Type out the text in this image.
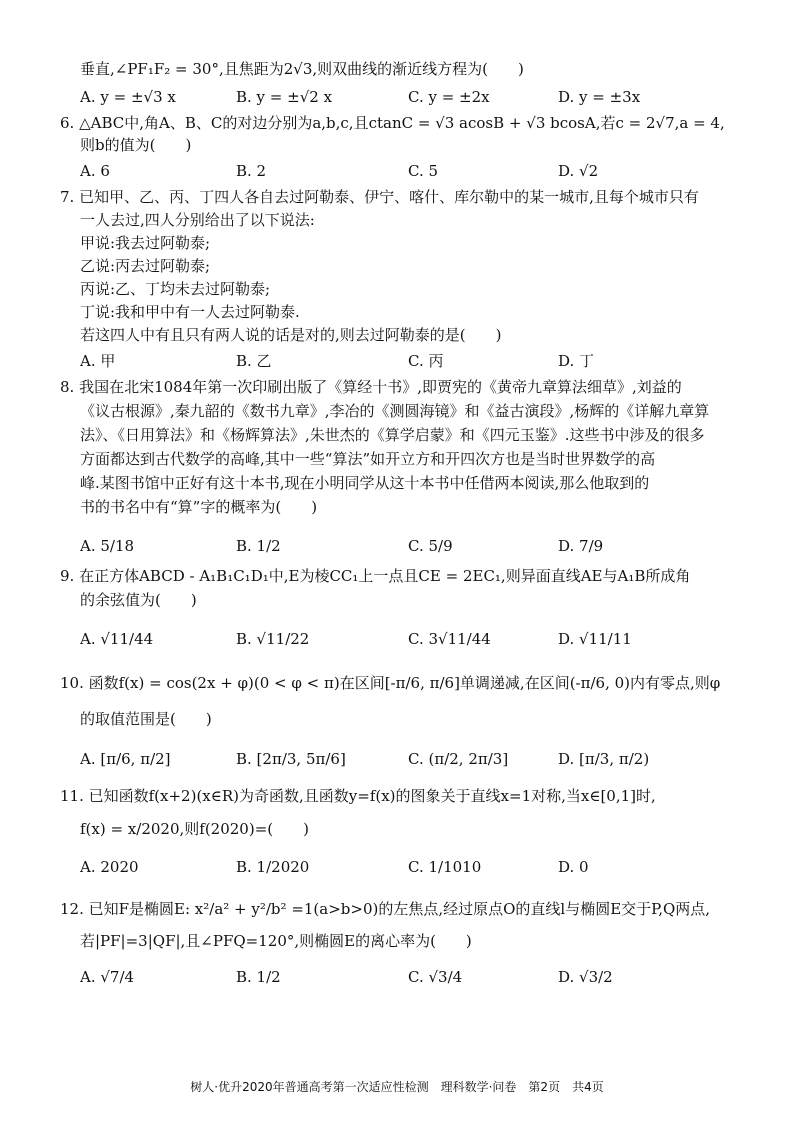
垂直,∠PF₁F₂ = 30°,且焦距为2√3,则双曲线的渐近线方程为(　　)
A. y = ±√3 x	B. y = ±√2 x	C. y = ±2x	D. y = ±3x
6. △ABC中,角A、B、C的对边分别为a,b,c,且ctanC = √3 acosB + √3 bcosA,若c = 2√7,a = 4,
则b的值为(　　)
A. 6	B. 2	C. 5	D. √2
7. 已知甲、乙、丙、丁四人各自去过阿勒泰、伊宁、喀什、库尔勒中的某一城市,且每个城市只有
一人去过,四人分别给出了以下说法:
甲说:我去过阿勒泰;
乙说:丙去过阿勒泰;
丙说:乙、丁均未去过阿勒泰;
丁说:我和甲中有一人去过阿勒泰.
若这四人中有且只有两人说的话是对的,则去过阿勒泰的是(　　)
A. 甲	B. 乙	C. 丙	D. 丁
8. 我国在北宋1084年第一次印刷出版了《算经十书》,即贾宪的《黄帝九章算法细草》,刘益的
《议古根源》,秦九韶的《数书九章》,李冶的《测圆海镜》和《益古演段》,杨辉的《详解九章算
法》、《日用算法》和《杨辉算法》,朱世杰的《算学启蒙》和《四元玉鉴》.这些书中涉及的很多
方面都达到古代数学的高峰,其中一些“算法”如开立方和开四次方也是当时世界数学的高
峰.某图书馆中正好有这十本书,现在小明同学从这十本书中任借两本阅读,那么他取到的
书的书名中有“算”字的概率为(　　)
A. 5/18	B. 1/2	C. 5/9	D. 7/9
9. 在正方体ABCD - A₁B₁C₁D₁中,E为棱CC₁上一点且CE = 2EC₁,则异面直线AE与A₁B所成角
的余弦值为(　　)
A. √11/44	B. √11/22	C. 3√11/44	D. √11/11
10. 函数f(x) = cos(2x + φ)(0 < φ < π)在区间[-π/6, π/6]单调递减,在区间(-π/6, 0)内有零点,则φ
的取值范围是(　　)
A. [π/6, π/2]	B. [2π/3, 5π/6]	C. (π/2, 2π/3]	D. [π/3, π/2)
11. 已知函数f(x+2)(x∈R)为奇函数,且函数y=f(x)的图象关于直线x=1对称,当x∈[0,1]时,
f(x) = x/2020,则f(2020)=(　　)
A. 2020	B. 1/2020	C. 1/1010	D. 0
12. 已知F是椭圆E: x²/a² + y²/b² =1(a>b>0)的左焦点,经过原点O的直线l与椭圆E交于P,Q两点,
若|PF|=3|QF|,且∠PFQ=120°,则椭圆E的离心率为(　　)
A. √7/4	B. 1/2	C. √3/4	D. √3/2
树人·优升2020年普通高考第一次适应性检测　理科数学·问卷　第2页　共4页
